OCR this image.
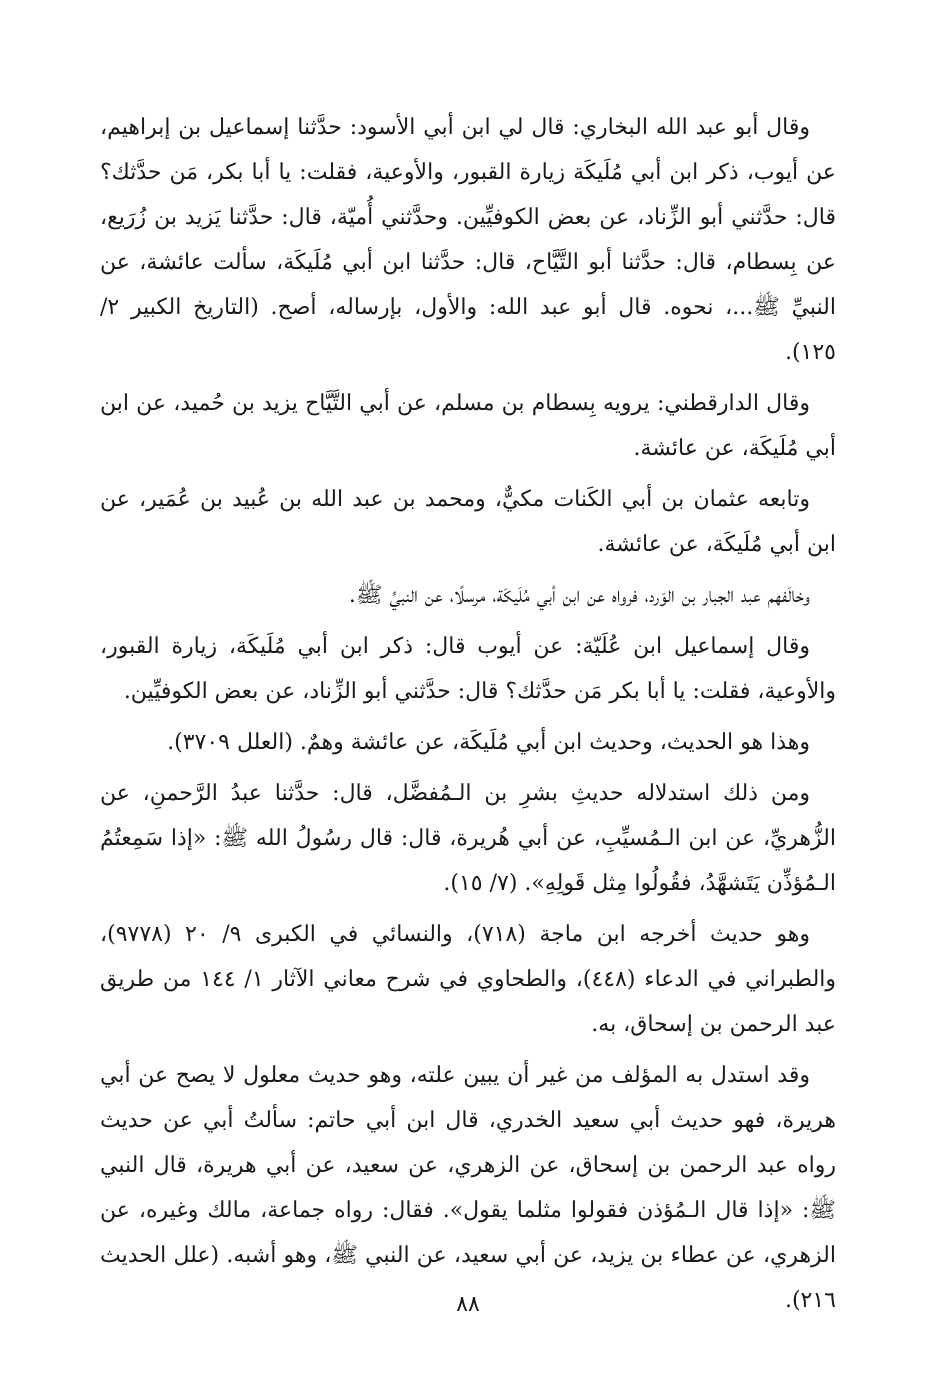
وقال أبو عبد الله البخاري: قال لي ابن أبي الأسود: حدَّثنا إسماعيل بن إبراهيم، عن أيوب، ذكر ابن أبي مُلَيكَة زيارة القبور، والأوعية، فقلت: يا أبا بكر، مَن حدَّثك؟ قال: حدَّثني أبو الزِّناد، عن بعض الكوفيِّين. وحدَّثني أُميّة، قال: حدَّثنا يَزيد بن زُرَيع، عن بِسطام، قال: حدَّثنا أبو التَّيَّاح، قال: حدَّثنا ابن أبي مُلَيكَة، سألت عائشة، عن النبيِّ ﷺ...، نحوه. قال أبو عبد الله: والأول، بإرساله، أصح. (التاريخ الكبير ٢/ ١٢٥).

وقال الدارقطني: يرويه بِسطام بن مسلم، عن أبي التَّيَّاح يزيد بن حُميد، عن ابن أبي مُلَيكَة، عن عائشة.

وتابعه عثمان بن أبي الكَنات مكيٌّ، ومحمد بن عبد الله بن عُبيد بن عُمَير، عن ابن أبي مُلَيكَة، عن عائشة.

وخالَفهم عبد الجبار بن الوَرد، فرواه عن ابن أبي مُلَيكَة، مرسلًا، عن النبيِّ ﷺ.

وقال إسماعيل ابن عُلَيّة: عن أيوب قال: ذكر ابن أبي مُلَيكَة، زيارة القبور، والأوعية، فقلت: يا أبا بكر مَن حدَّثك؟ قال: حدَّثني أبو الزِّناد، عن بعض الكوفيِّين.

وهذا هو الحديث، وحديث ابن أبي مُلَيكَة، عن عائشة وهمٌ. (العلل ٣٧٠٩).

ومن ذلك استدلاله حديثِ بشرِ بن الـمُفضَّل، قال: حدَّثنا عبدُ الرَّحمنِ، عن الزُّهريِّ، عن ابن الـمُسيِّبِ، عن أبي هُريرة، قال: قال رسُولُ الله ﷺ: «إذا سَمِعتُمُ الـمُؤذِّن يَتَشهَّدُ، فقُولُوا مِثل قَولِهِ». (٧/ ١٥).

وهو حديث أخرجه ابن ماجة (٧١٨)، والنسائي في الكبرى ٩/ ٢٠ (٩٧٧٨)، والطبراني في الدعاء (٤٤٨)، والطحاوي في شرح معاني الآثار ١/ ١٤٤ من طريق عبد الرحمن بن إسحاق، به.

وقد استدل به المؤلف من غير أن يبين علته، وهو حديث معلول لا يصح عن أبي هريرة، فهو حديث أبي سعيد الخدري، قال ابن أبي حاتم: سألتُ أبي عن حديث رواه عبد الرحمن بن إسحاق، عن الزهري، عن سعيد، عن أبي هريرة، قال النبي ﷺ: «إذا قال الـمُؤذن فقولوا مثلما يقول». فقال: رواه جماعة، مالك وغيره، عن الزهري، عن عطاء بن يزيد، عن أبي سعيد، عن النبي ﷺ، وهو أشبه. (علل الحديث ٢١٦).

٨٨
